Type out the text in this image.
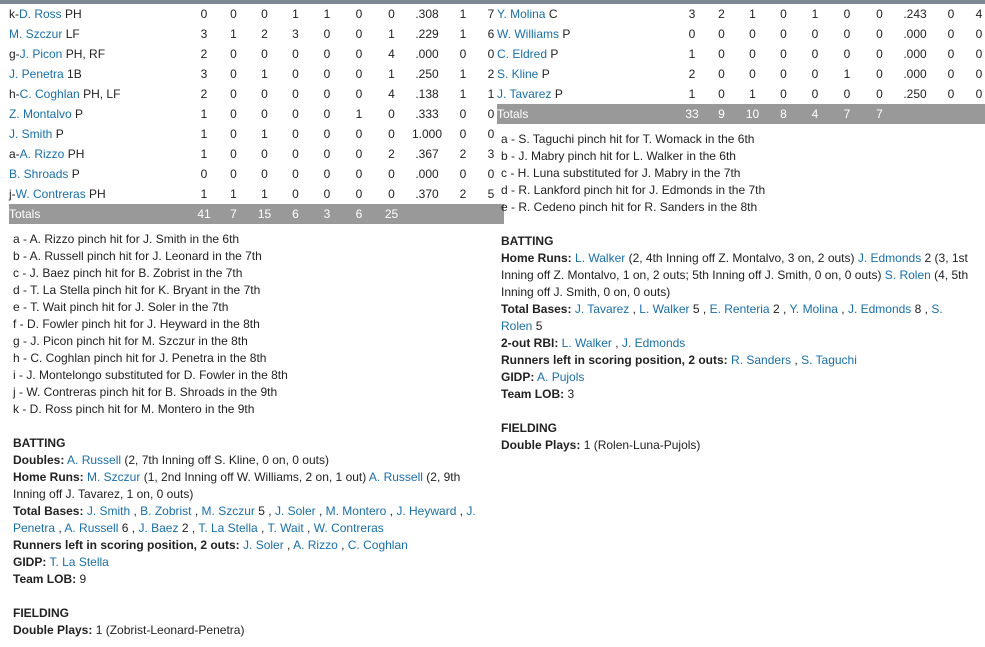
k-D. Ross PH	0	0	0	1	1	0	0	.308	1	7
M. Szczur LF	3	1	2	3	0	0	1	.229	1	6
g-J. Picon PH, RF	2	0	0	0	0	0	4	.000	0	0
J. Penetra 1B	3	0	1	0	0	0	1	.250	1	2
h-C. Coghlan PH, LF	2	0	0	0	0	0	4	.138	1	1
Z. Montalvo P	1	0	0	0	0	1	0	.333	0	0
J. Smith P	1	0	1	0	0	0	0	1.000	0	0
a-A. Rizzo PH	1	0	0	0	0	0	2	.367	2	3
B. Shroads P	0	0	0	0	0	0	0	.000	0	0
j-W. Contreras PH	1	1	1	0	0	0	0	.370	2	5
Totals	41	7	15	6	3	6	25			
a - A. Rizzo pinch hit for J. Smith in the 6th
b - A. Russell pinch hit for J. Leonard in the 7th
c - J. Baez pinch hit for B. Zobrist in the 7th
d - T. La Stella pinch hit for K. Bryant in the 7th
e - T. Wait pinch hit for J. Soler in the 7th
f - D. Fowler pinch hit for J. Heyward in the 8th
g - J. Picon pinch hit for M. Szczur in the 8th
h - C. Coghlan pinch hit for J. Penetra in the 8th
i - J. Montelongo substituted for D. Fowler in the 8th
j - W. Contreras pinch hit for B. Shroads in the 9th
k - D. Ross pinch hit for M. Montero in the 9th
BATTING
Doubles: A. Russell (2, 7th Inning off S. Kline, 0 on, 0 outs)
Home Runs: M. Szczur (1, 2nd Inning off W. Williams, 2 on, 1 out) A. Russell (2, 9th Inning off J. Tavarez, 1 on, 0 outs)
Total Bases: J. Smith , B. Zobrist , M. Szczur 5 , J. Soler , M. Montero , J. Heyward , J. Penetra , A. Russell 6 , J. Baez 2 , T. La Stella , T. Wait , W. Contreras
Runners left in scoring position, 2 outs: J. Soler , A. Rizzo , C. Coghlan
GIDP: T. La Stella
Team LOB: 9
FIELDING
Double Plays: 1 (Zobrist-Leonard-Penetra)
Y. Molina C	3	2	1	0	1	0	0	.243	0	4
W. Williams P	0	0	0	0	0	0	0	.000	0	0
C. Eldred P	1	0	0	0	0	0	0	.000	0	0
S. Kline P	2	0	0	0	0	1	0	.000	0	0
J. Tavarez P	1	0	1	0	0	0	0	.250	0	0
Totals	33	9	10	8	4	7	7			
a - S. Taguchi pinch hit for T. Womack in the 6th
b - J. Mabry pinch hit for L. Walker in the 6th
c - H. Luna substituted for J. Mabry in the 7th
d - R. Lankford pinch hit for J. Edmonds in the 7th
e - R. Cedeno pinch hit for R. Sanders in the 8th
BATTING
Home Runs: L. Walker (2, 4th Inning off Z. Montalvo, 3 on, 2 outs) J. Edmonds 2 (3, 1st Inning off Z. Montalvo, 1 on, 2 outs; 5th Inning off J. Smith, 0 on, 0 outs) S. Rolen (4, 5th Inning off J. Smith, 0 on, 0 outs)
Total Bases: J. Tavarez , L. Walker 5 , E. Renteria 2 , Y. Molina , J. Edmonds 8 , S. Rolen 5
2-out RBI: L. Walker , J. Edmonds
Runners left in scoring position, 2 outs: R. Sanders , S. Taguchi
GIDP: A. Pujols
Team LOB: 3
FIELDING
Double Plays: 1 (Rolen-Luna-Pujols)
